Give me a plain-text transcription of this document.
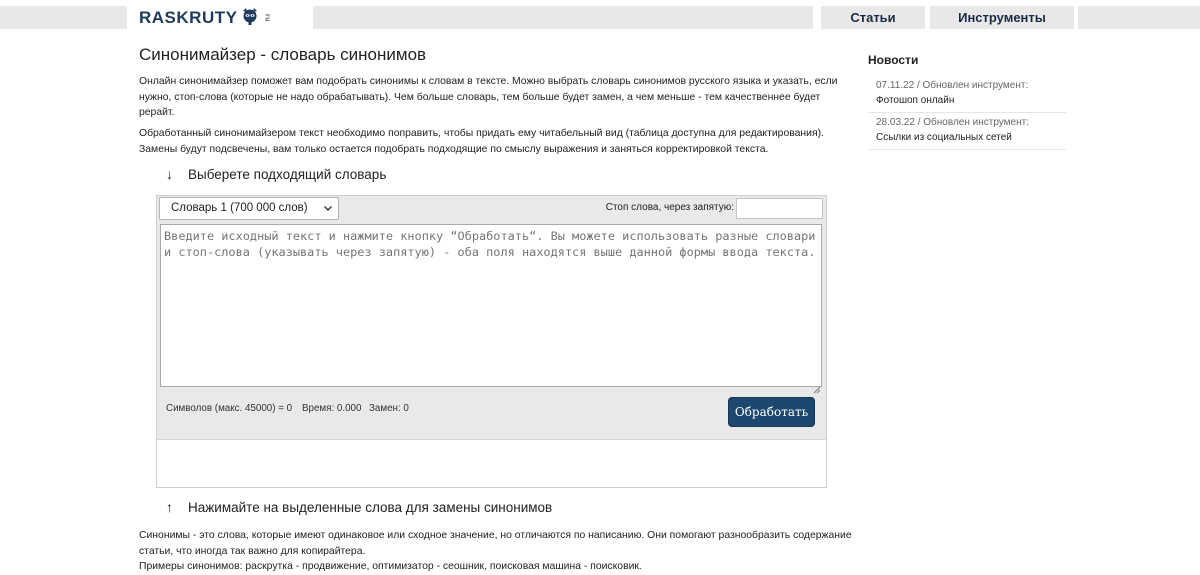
RASKRUTY	ru	Статьи	Инструменты
Синонимайзер - словарь синонимов

Онлайн синонимайзер поможет вам подобрать синонимы к словам в тексте. Можно выбрать словарь синонимов русского языка и указать, если нужно, стоп-слова (которые не надо обрабатывать). Чем больше словарь, тем больше будет замен, а чем меньше - тем качественнее будет рерайт.

Обработанный синонимайзером текст необходимо поправить, чтобы придать ему читабельный вид (таблица доступна для редактирования). Замены будут подсвечены, вам только остается подобрать подходящие по смыслу выражения и заняться корректировкой текста.

↓	Выберете подходящий словарь
Словарь 1 (700 000 слов)	Стоп слова, через запятую:
Введите исходный текст и нажмите кнопку “Обработать“. Вы можете использовать разные словари и стоп-слова (указывать через запятую) - оба поля находятся выше данной формы ввода текста.
Символов (макс. 45000) = 0 Время: 0.000 Замен: 0	Обработать
↑	Нажимайте на выделенные слова для замены синонимов

Синонимы - это слова, которые имеют одинаковое или сходное значение, но отличаются по написанию. Они помогают разнообразить содержание статьи, что иногда так важно для копирайтера.
Примеры синонимов: раскрутка - продвижение, оптимизатор - сеошник, поисковая машина - поисковик.

Новости
07.11.22 / Обновлен инструмент:
Фотошоп онлайн
28.03.22 / Обновлен инструмент:
Ссылки из социальных сетей
